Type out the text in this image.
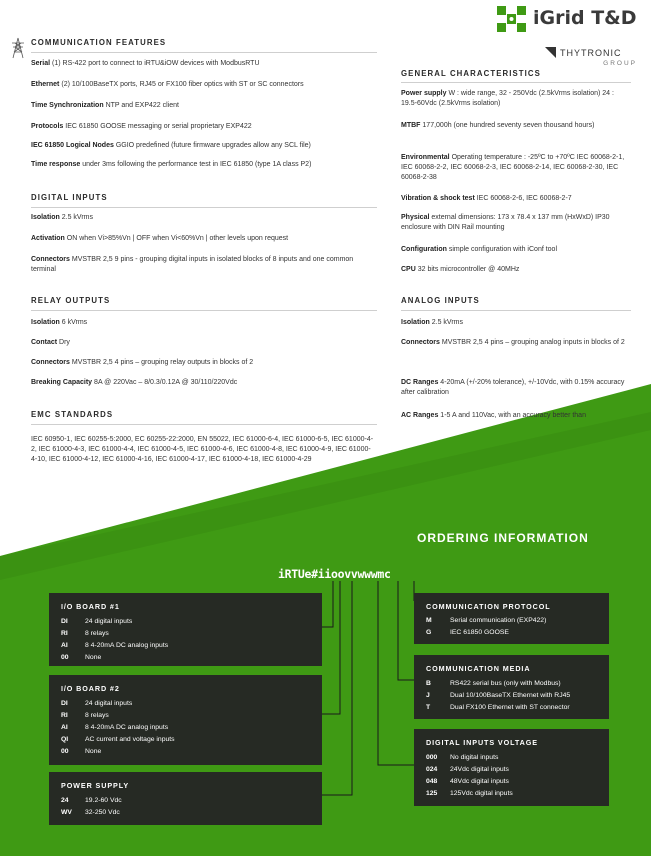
iGrid T&D
THYTRONIC
GROUP
COMMUNICATION FEATURES
Serial (1) RS-422 port to connect to iRTU&iOW devices with ModbusRTU
Ethernet (2) 10/100BaseTX ports, RJ45 or FX100 fiber optics with ST or SC connectors
Time Synchronization NTP and EXP422 client
Protocols IEC 61850 GOOSE messaging or serial proprietary EXP422
IEC 61850 Logical Nodes GGIO predefined (future firmware upgrades allow any SCL file)
Time response under 3ms following the performance test in IEC 61850 (type 1A class P2)
DIGITAL INPUTS
Isolation 2.5 kVrms
Activation ON when Vi>85%Vn | OFF when Vi<60%Vn | other levels upon request
Connectors MVSTBR 2,5 9 pins - grouping digital inputs in isolated blocks of 8 inputs and one common terminal
RELAY OUTPUTS
Isolation 6 kVrms
Contact Dry
Connectors MVSTBR 2,5 4 pins – grouping relay outputs in blocks of 2
Breaking Capacity 8A @ 220Vac – 8/0.3/0.12A @ 30/110/220Vdc
EMC STANDARDS
IEC 60950-1, IEC 60255-5:2000, EC 60255-22:2000, EN 55022, IEC 61000-6-4, IEC 61000-6-5, IEC 61000-4-2, IEC 61000-4-3, IEC 61000-4-4, IEC 61000-4-5, IEC 61000-4-6, IEC 61000-4-8, IEC 61000-4-9, IEC 61000-4-10, IEC 61000-4-12, IEC 61000-4-16, IEC 61000-4-17, IEC 61000-4-18, IEC 61000-4-29
GENERAL CHARACTERISTICS
Power supply W : wide range, 32 - 250Vdc (2.5kVrms isolation) 24 : 19.5-60Vdc (2.5kVrms isolation)
MTBF 177,000h (one hundred seventy seven thousand hours)
Environmental Operating temperature : -25ºC to +70ºC IEC 60068-2-1, IEC 60068-2-2, IEC 60068-2-3, IEC 60068-2-14, IEC 60068-2-30, IEC 60068-2-38
Vibration & shock test IEC 60068-2-6, IEC 60068-2-7
Physical external dimensions: 173 x 78.4 x 137 mm (HxWxD) IP30 enclosure with DIN Rail mounting
Configuration simple configuration with iConf tool
CPU 32 bits microcontroller @ 40MHz
ANALOG INPUTS
Isolation 2.5 kVrms
Connectors MVSTBR 2,5 4 pins – grouping analog inputs in blocks of 2
DC Ranges 4-20mA (+/-20% tolerance), +/-10Vdc, with 0.15% accuracy after calibration
AC Ranges 1-5 A and 110Vac, with an accuracy better than
ORDERING INFORMATION
iRTUe#iioovvwwwmc
I/O BOARD #1
DI	24 digital inputs
RI	8 relays
AI	8 4-20mA DC analog inputs
00 None
I/O BOARD #2
DI	24 digital inputs
RI	8 relays
AI	8 4-20mA DC analog inputs
QI AC current and voltage inputs
00 None
POWER SUPPLY
24 19.2-60 Vdc
WV 32-250 Vdc
COMMUNICATION PROTOCOL
M	Serial communication (EXP422)
G	IEC 61850 GOOSE
COMMUNICATION MEDIA
B	RS422 serial bus (only with Modbus)
J	Dual 10/100BaseTX Ethernet with RJ45
T	Dual FX100 Ethernet with ST connector
DIGITAL INPUTS VOLTAGE
000 No digital inputs
024 24Vdc digital inputs
048 48Vdc digital inputs
125 125Vdc digital inputs
